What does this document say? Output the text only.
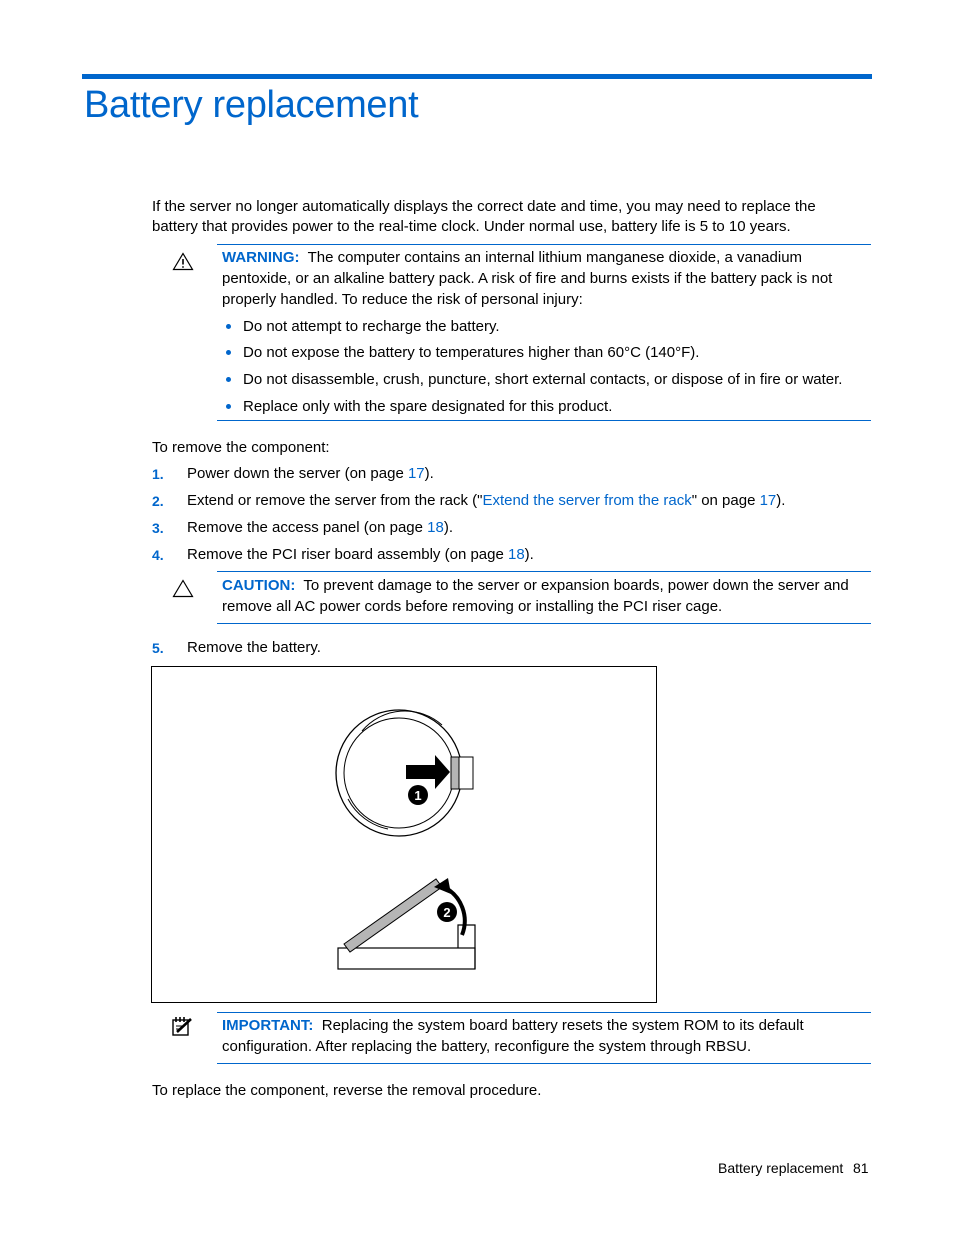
Battery replacement
If the server no longer automatically displays the correct date and time, you may need to replace the
battery that provides power to the real-time clock. Under normal use, battery life is 5 to 10 years.
WARNING: The computer contains an internal lithium manganese dioxide, a vanadium
pentoxide, or an alkaline battery pack. A risk of fire and burns exists if the battery pack is not
properly handled. To reduce the risk of personal injury:
Do not attempt to recharge the battery.
Do not expose the battery to temperatures higher than 60°C (140°F).
Do not disassemble, crush, puncture, short external contacts, or dispose of in fire or water.
Replace only with the spare designated for this product.
To remove the component:
1. Power down the server (on page 17).
2. Extend or remove the server from the rack ("Extend the server from the rack" on page 17).
3. Remove the access panel (on page 18).
4. Remove the PCI riser board assembly (on page 18).
CAUTION: To prevent damage to the server or expansion boards, power down the server and
remove all AC power cords before removing or installing the PCI riser cage.
5. Remove the battery.
1
2
IMPORTANT: Replacing the system board battery resets the system ROM to its default
configuration. After replacing the battery, reconfigure the system through RBSU.
To replace the component, reverse the removal procedure.
Battery replacement 81
